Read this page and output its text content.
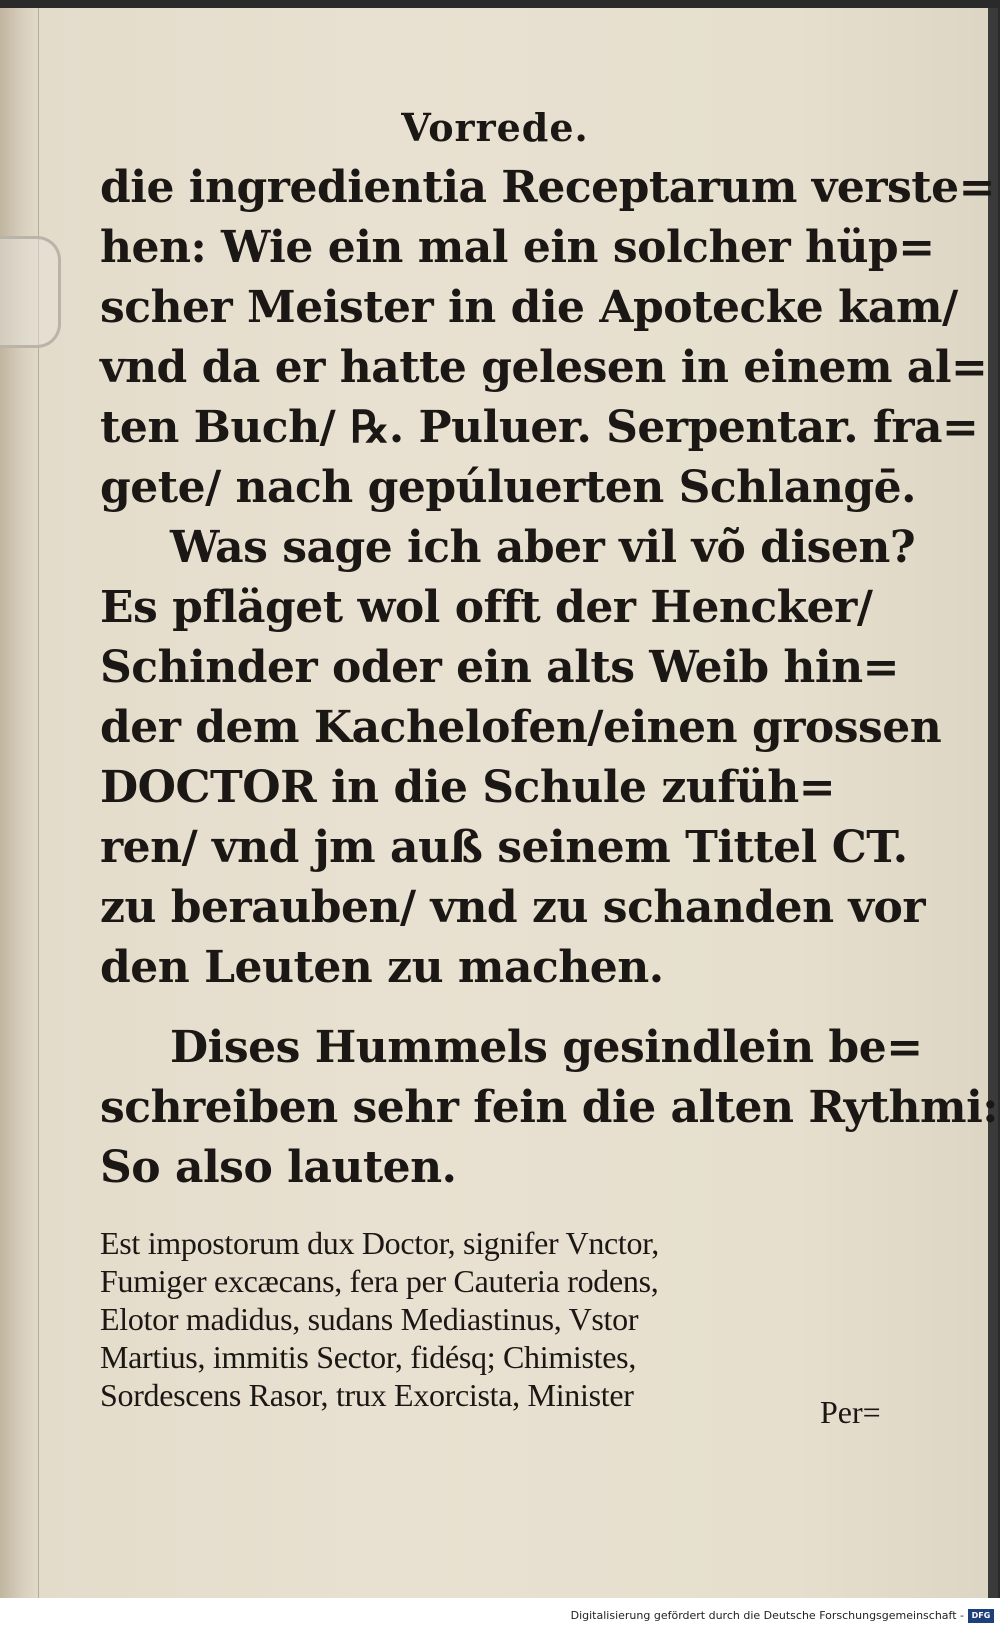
Vorrede.
die ingredientia Receptarum verste=
hen: Wie ein mal ein solcher hüp=
scher Meister in die Apotecke kam/
vnd da er hatte gelesen in einem al=
ten Buch/ ℞. Puluer. Serpentar. fra=
gete/ nach gepúluerten Schlangē.
Was sage ich aber vil võ disen?
Es pfläget wol offt der Hencker/
Schinder oder ein alts Weib hin=
der dem Kachelofen/einen grossen
DOCTOR in die Schule zufüh=
ren/ vnd jm auß seinem Tittel CT.
zu berauben/ vnd zu schanden vor
den Leuten zu machen.
Dises Hummels gesindlein be=
schreiben sehr fein die alten Rythmi:
So also lauten.
Est impostorum dux Doctor, signifer Vnctor,
Fumiger excæcans, fera per Cauteria rodens,
Elotor madidus, sudans Mediastinus, Vstor
Martius, immitis Sector, fidésq; Chimistes,
Sordescens Rasor, trux Exorcista, Minister	Per=
Digitalisierung gefördert durch die Deutsche Forschungsgemeinschaft - DFG
